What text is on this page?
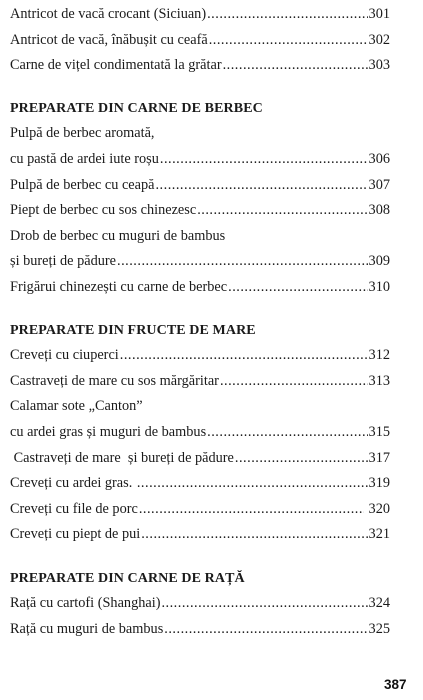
Antricot de vacă crocant (Siciuan) .....	301
Antricot de vacă, înăbușit cu ceafă .....	302
Carne de vițel condimentată la grătar .....	303
PREPARATE DIN CARNE DE BERBEC
Pulpă de berbec aromată,
cu pastă de ardei iute roșu .....	306
Pulpă de berbec cu ceapă .....	307
Piept de berbec cu sos chinezesc .....	308
Drob de berbec cu muguri de bambus
și bureți de pădure .....	309
Frigărui chinezești cu carne de berbec .....	310
PREPARATE DIN FRUCTE DE MARE
Creveți cu ciuperci .....	312
Castraveți de mare cu sos mărgăritar .....	313
Calamar sote „Canton”
cu ardei gras și muguri de bambus .....	315
Castraveți de mare  și bureți de pădure .....	317
Creveți cu ardei gras. .....	319
Creveți cu file de porc .....	320
Creveți cu piept de pui .....	321
PREPARATE DIN CARNE DE RAȚĂ
Rață cu cartofi (Shanghai) .....	324
Rață cu muguri de bambus .....	325
387
